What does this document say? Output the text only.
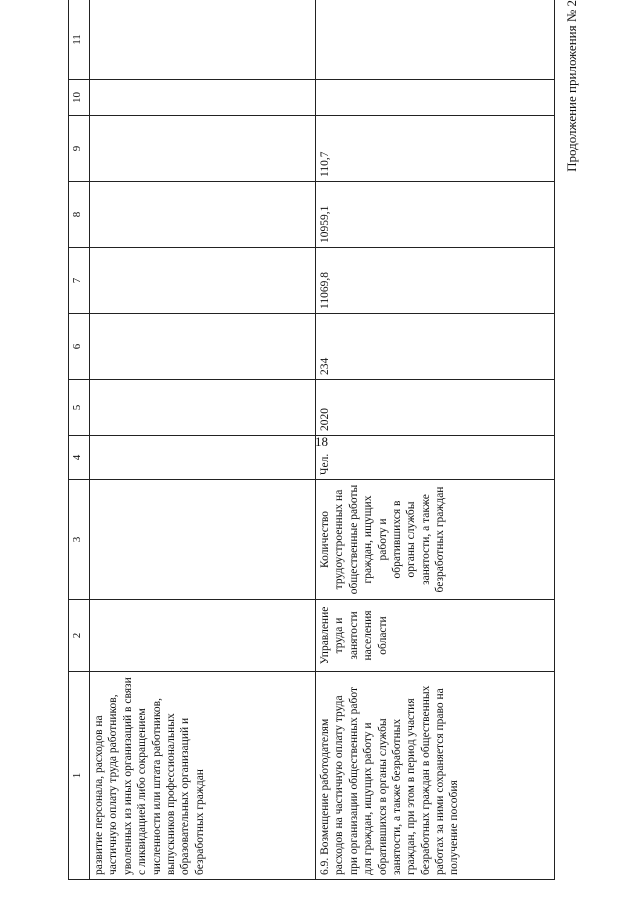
18
1	2	3	4	5	6	7	8	9	10	11
развитие персонала, расходов на частичную оплату труда работников, уволенных из иных организаций в связи с ликвидацией либо сокращением численности или штата работников, выпускников профессиональных образовательных организаций и безработных граждан										
6.9. Возмещение работодателям расходов на частичную оплату труда при организации общественных работ для граждан, ищущих работу и обратившихся в органы службы занятости, а также безработных граждан, при этом в период участия безработных граждан в общественных работах за ними сохраняется право на получение пособия	Управление труда и занятости населения области	Количество трудоустроенных на общественные работы граждан, ищущих работу и обратившихся в органы службы занятости, а также безработных граждан	Чел.	2020	234	11069,8	10959,1	110,7			Продолжение приложения № 2
